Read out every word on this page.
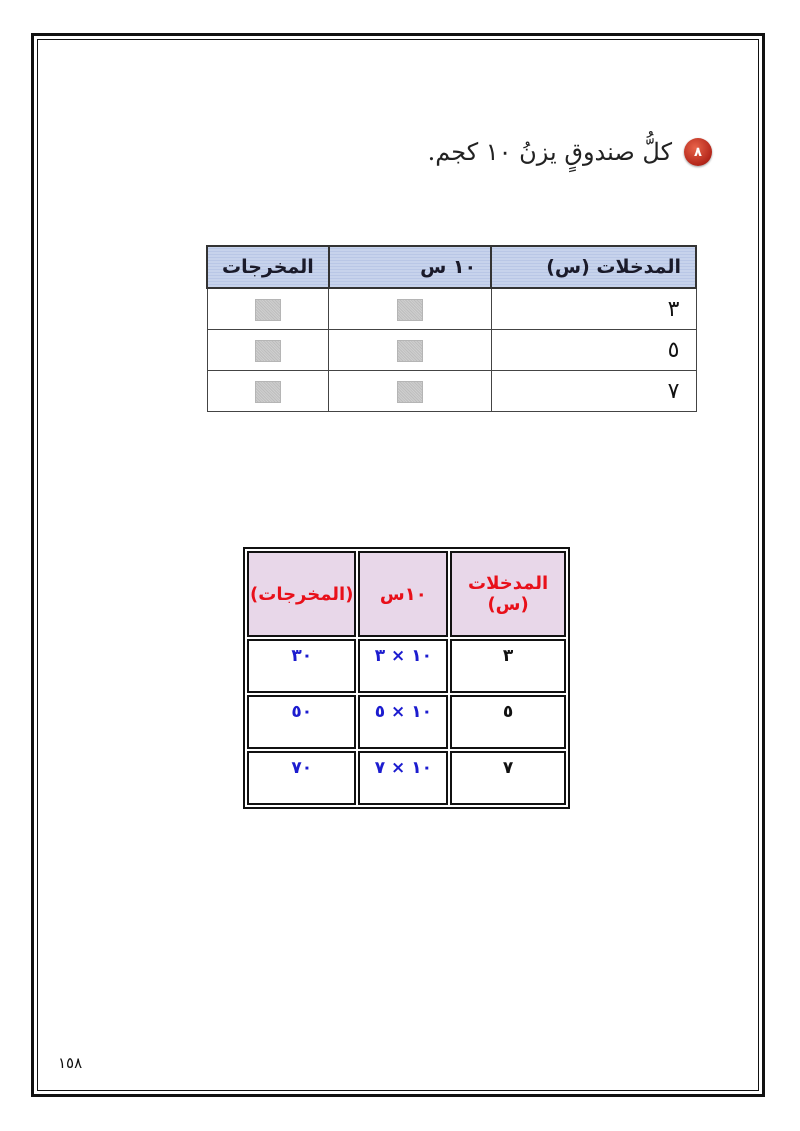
٨
كلُّ صندوقٍ يزنُ ١٠ كجم.
المدخلات (س)	١٠ س	المخرجات
٣		
٥		
٧		
المدخلات (س)	١٠س	(المخرجات)
٣	١٠ × ٣	٣٠
٥	١٠ × ٥	٥٠
٧	١٠ × ٧	٧٠
١٥٨
